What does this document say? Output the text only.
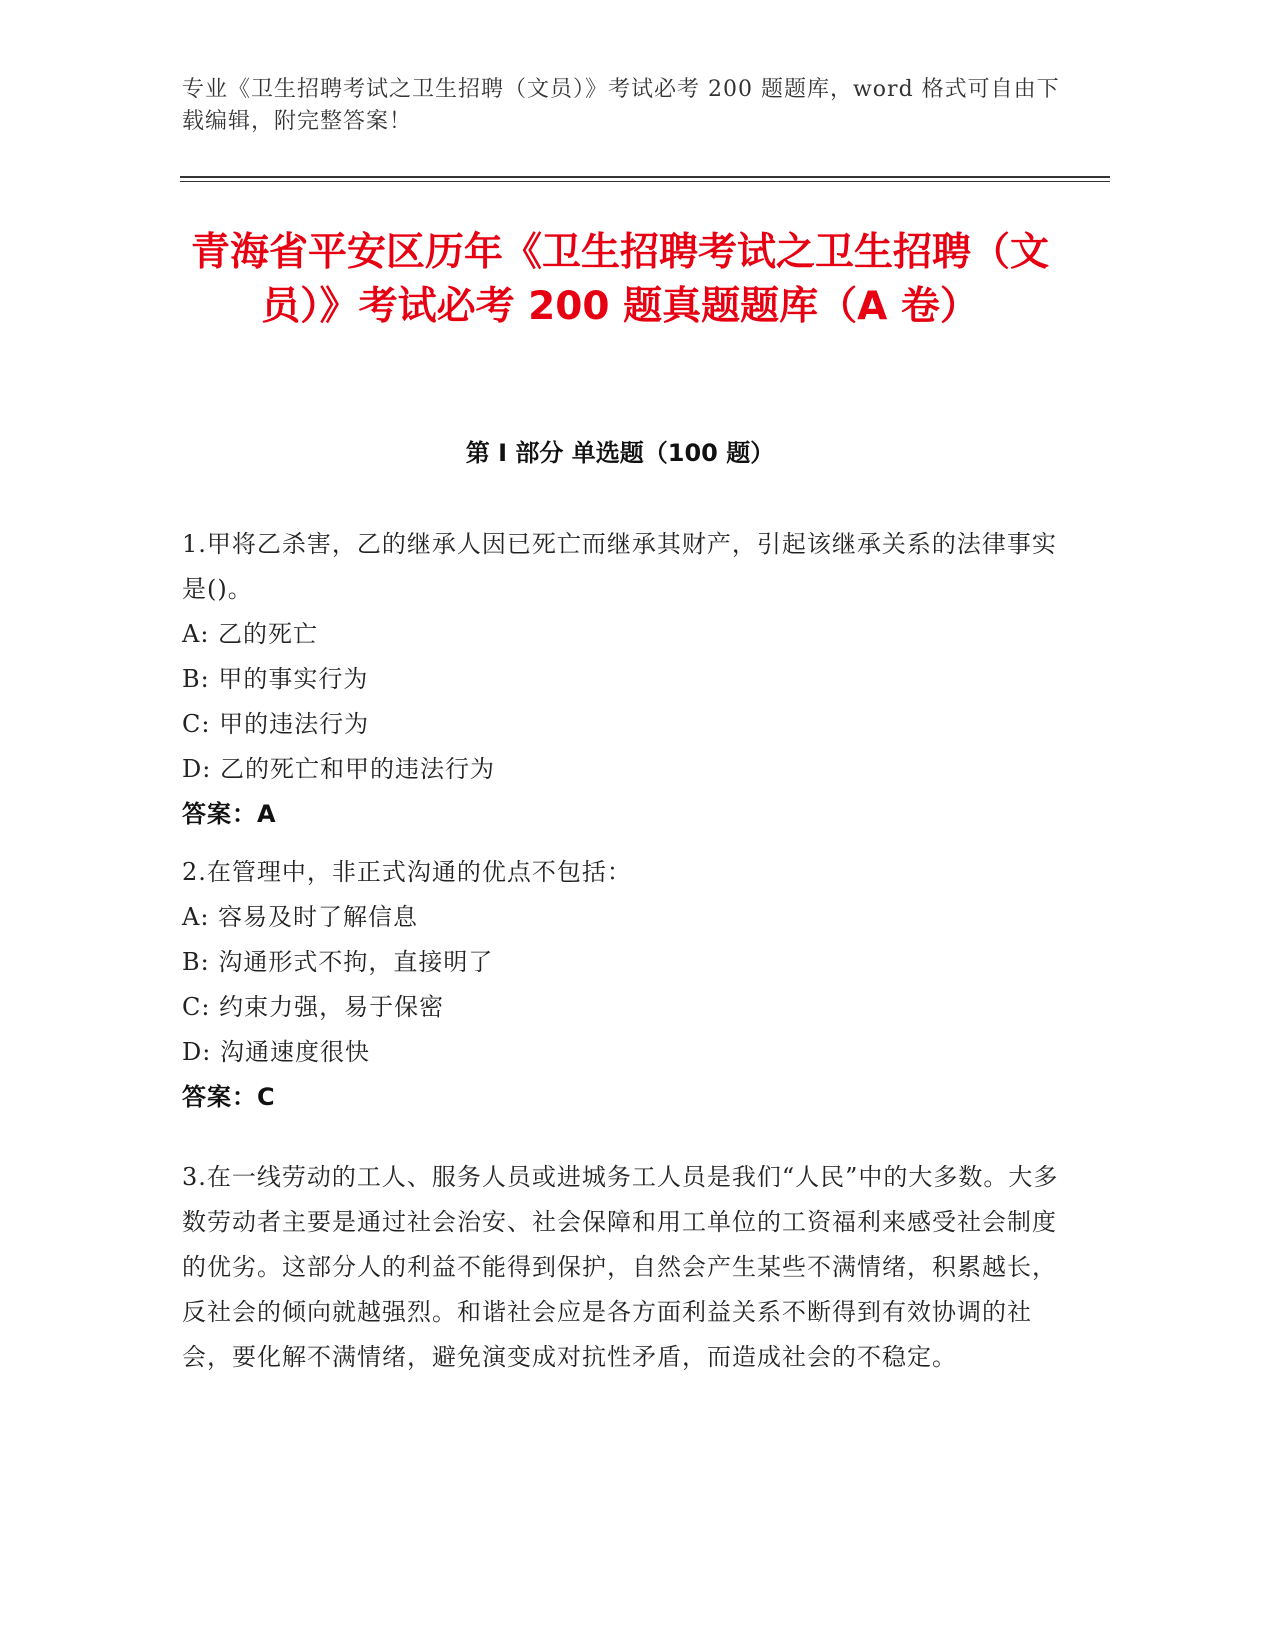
专业《卫生招聘考试之卫生招聘（文员）》考试必考 200 题题库，word 格式可自由下载编辑，附完整答案！
青海省平安区历年《卫生招聘考试之卫生招聘（文员）》考试必考 200 题真题题库（A 卷）
第 I 部分 单选题（100 题）

1.甲将乙杀害，乙的继承人因已死亡而继承其财产，引起该继承关系的法律事实是()。

A: 乙的死亡

B: 甲的事实行为

C: 甲的违法行为

D: 乙的死亡和甲的违法行为

答案：A

2.在管理中，非正式沟通的优点不包括：

A: 容易及时了解信息

B: 沟通形式不拘，直接明了

C: 约束力强，易于保密

D: 沟通速度很快

答案：C

3.在一线劳动的工人、服务人员或进城务工人员是我们“人民”中的大多数。大多数劳动者主要是通过社会治安、社会保障和用工单位的工资福利来感受社会制度的优劣。这部分人的利益不能得到保护，自然会产生某些不满情绪，积累越长，反社会的倾向就越强烈。和谐社会应是各方面利益关系不断得到有效协调的社会，要化解不满情绪，避免演变成对抗性矛盾，而造成社会的不稳定。
